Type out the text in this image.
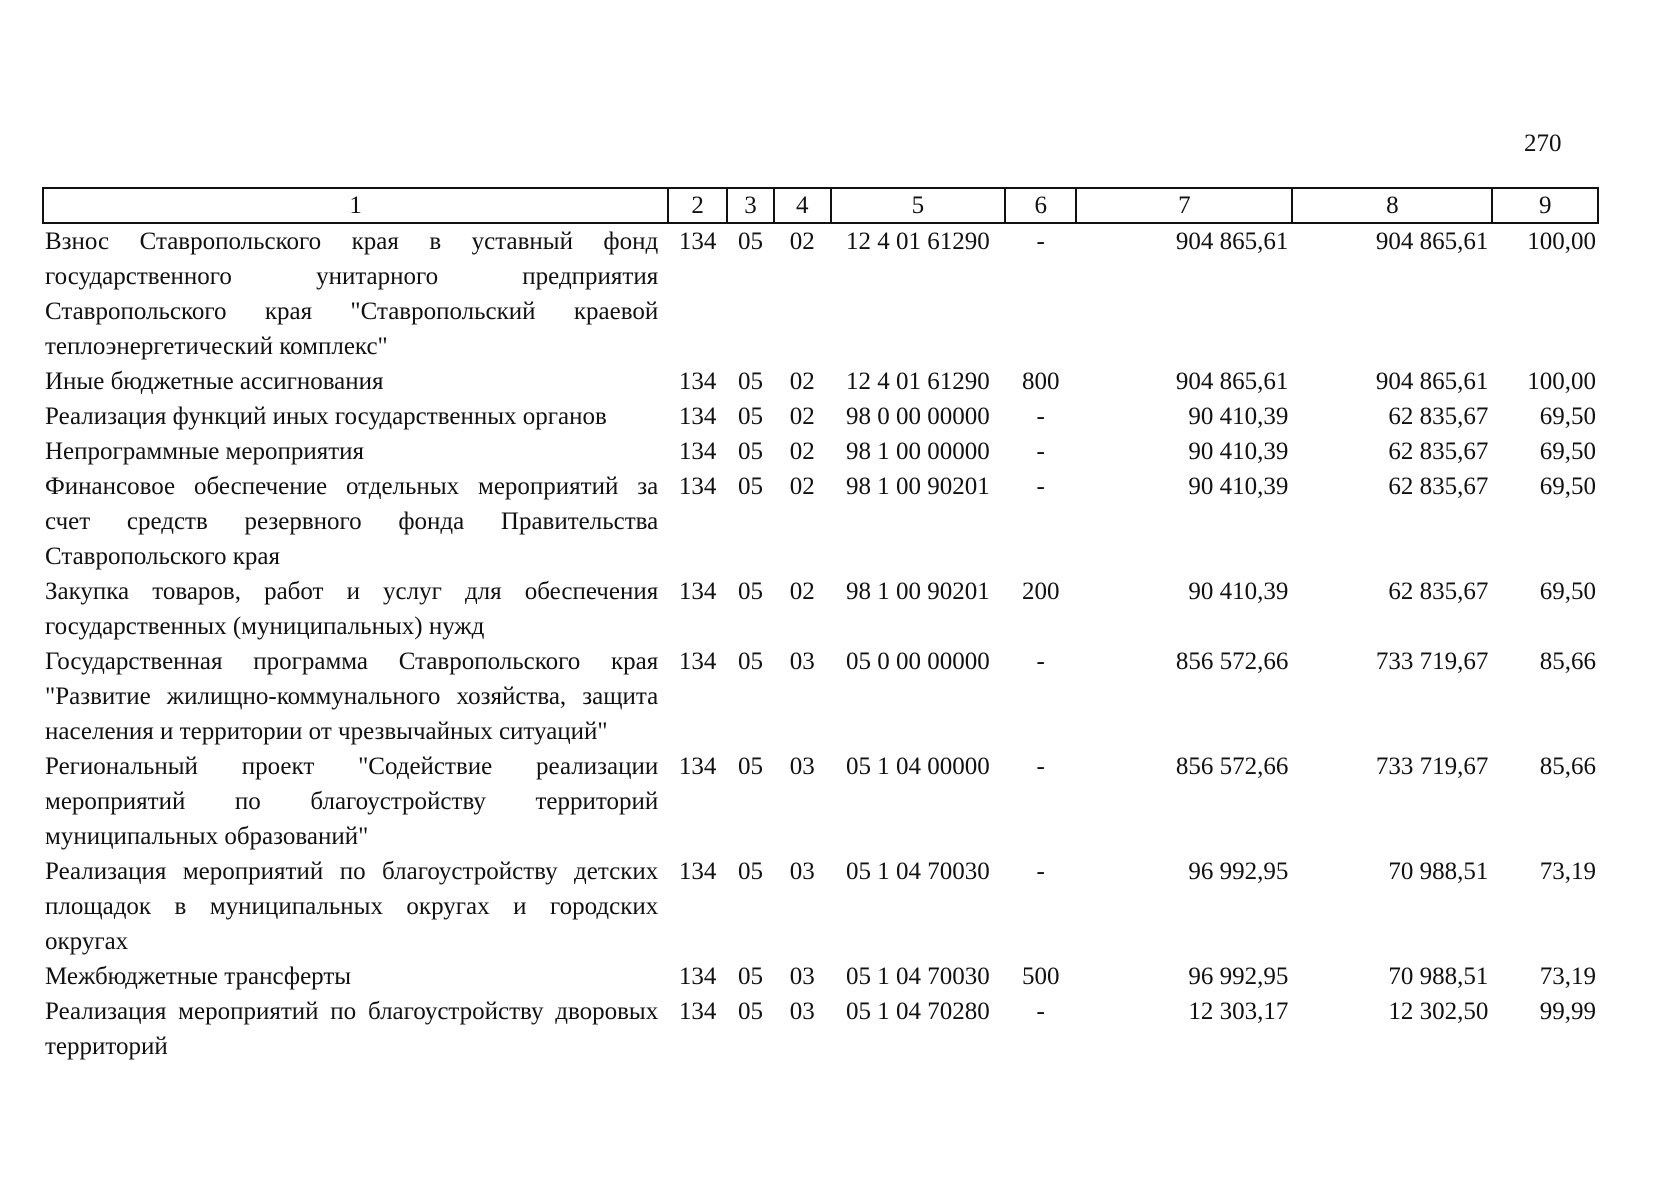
270
1	2	3	4	5	6	7	8	9
Взнос Ставропольского края в уставный фонд государственного унитарного предприятия Ставропольского края "Ставропольский краевой теплоэнергетический комплекс"	134	05	02	12 4 01 61290	-	904 865,61	904 865,61	100,00
Иные бюджетные ассигнования	134	05	02	12 4 01 61290	800	904 865,61	904 865,61	100,00
Реализация функций иных государственных органов	134	05	02	98 0 00 00000	-	90 410,39	62 835,67	69,50
Непрограммные мероприятия	134	05	02	98 1 00 00000	-	90 410,39	62 835,67	69,50
Финансовое обеспечение отдельных мероприятий за счет средств резервного фонда Правительства Ставропольского края	134	05	02	98 1 00 90201	-	90 410,39	62 835,67	69,50
Закупка товаров, работ и услуг для обеспечения государственных (муниципальных) нужд	134	05	02	98 1 00 90201	200	90 410,39	62 835,67	69,50
Государственная программа Ставропольского края "Развитие жилищно-коммунального хозяйства, защита населения и территории от чрезвычайных ситуаций"	134	05	03	05 0 00 00000	-	856 572,66	733 719,67	85,66
Региональный проект "Содействие реализации мероприятий по благоустройству территорий муниципальных образований"	134	05	03	05 1 04 00000	-	856 572,66	733 719,67	85,66
Реализация мероприятий по благоустройству детских площадок в муниципальных округах и городских округах	134	05	03	05 1 04 70030	-	96 992,95	70 988,51	73,19
Межбюджетные трансферты	134	05	03	05 1 04 70030	500	96 992,95	70 988,51	73,19
Реализация мероприятий по благоустройству дворовых территорий	134	05	03	05 1 04 70280	-	12 303,17	12 302,50	99,99
